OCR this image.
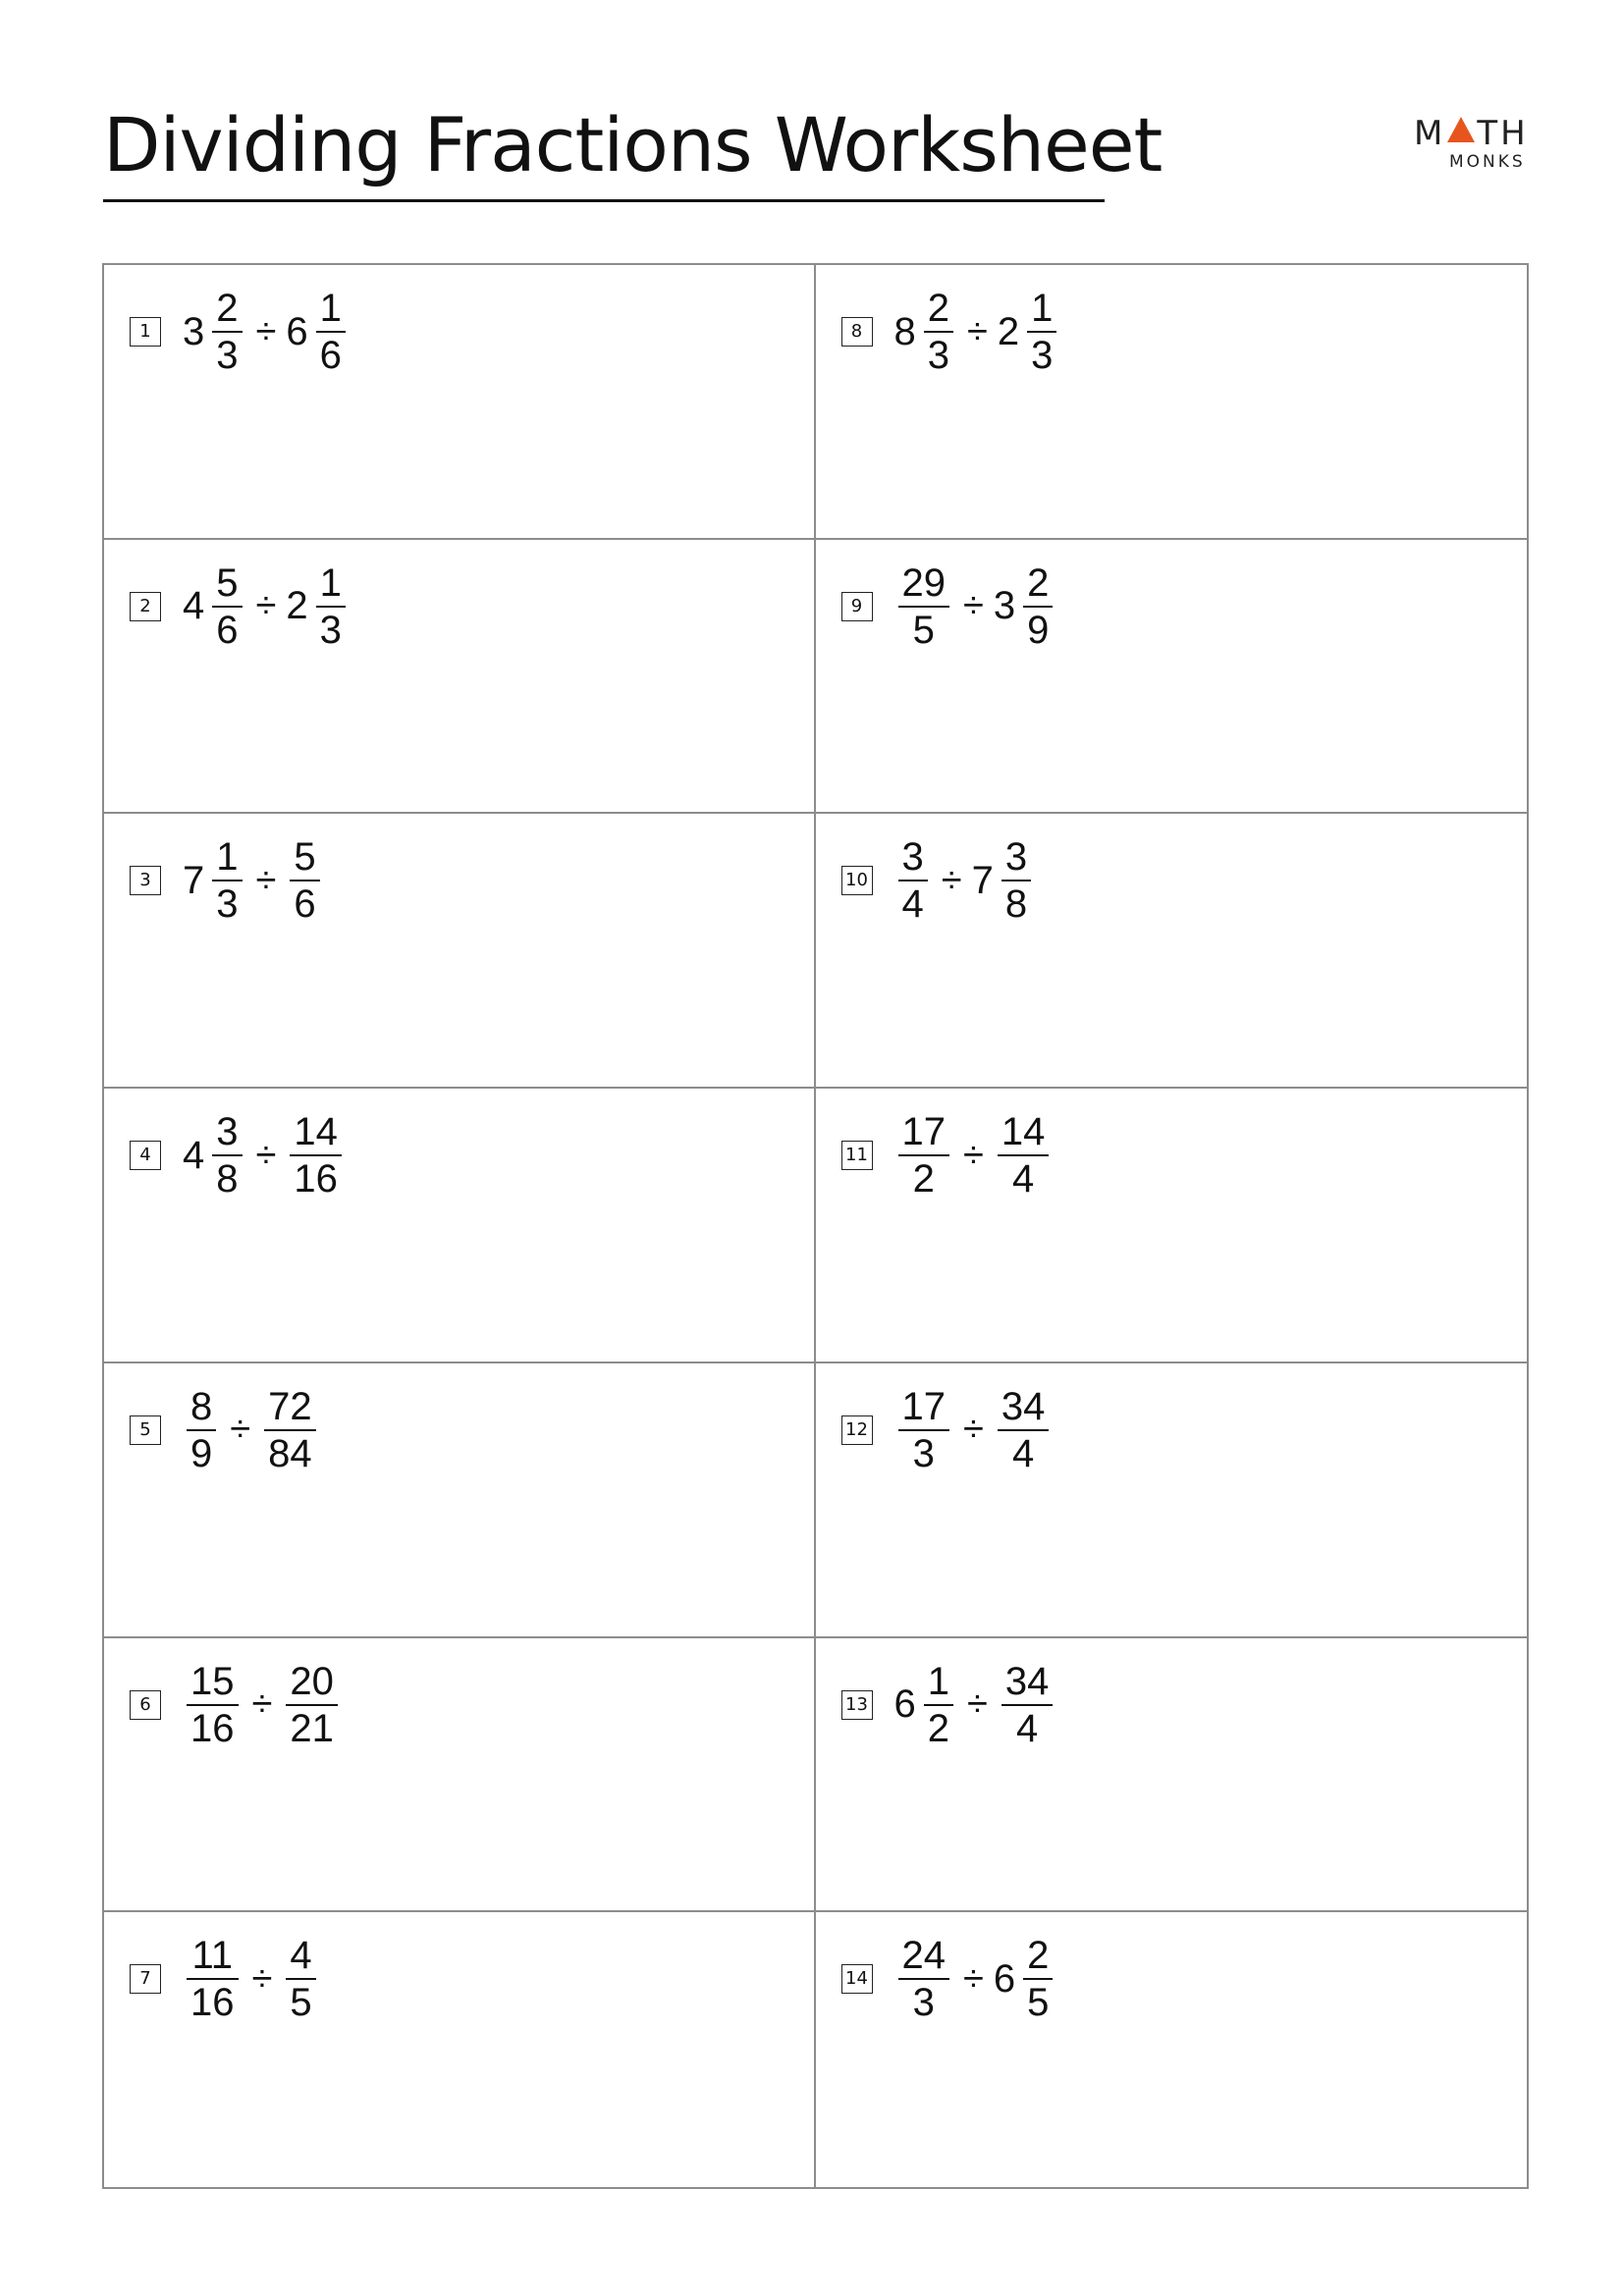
Dividing Fractions Worksheet	M TH
MONKS
1 $3 \frac{2}{3} \div 6 \frac{1}{6}$	8 $8 \frac{2}{3} \div 2 \frac{1}{3}$
2 $4 \frac{5}{6} \div 2 \frac{1}{3}$	$9 \frac{29}{5} \div 3 \frac{2}{9}$
3 $7 \frac{1}{3} \div \frac{5}{6}$	$10 \frac{3}{4} \div 7 \frac{3}{8}$
4 $4 \frac{3}{8} \div \frac{14}{16}$	$11 \frac{17}{2} \div \frac{14}{4}$
$5 \frac{8}{9} \div \frac{72}{84}$	$12 \frac{17}{3} \div \frac{34}{4}$
$6 \frac{15}{16} \div \frac{20}{21}$	13 $6 \frac{1}{2} \div \frac{34}{4}$
$7 \frac{11}{16} \div \frac{4}{5}$	$14 \frac{24}{3} \div 6 \frac{2}{5}$
